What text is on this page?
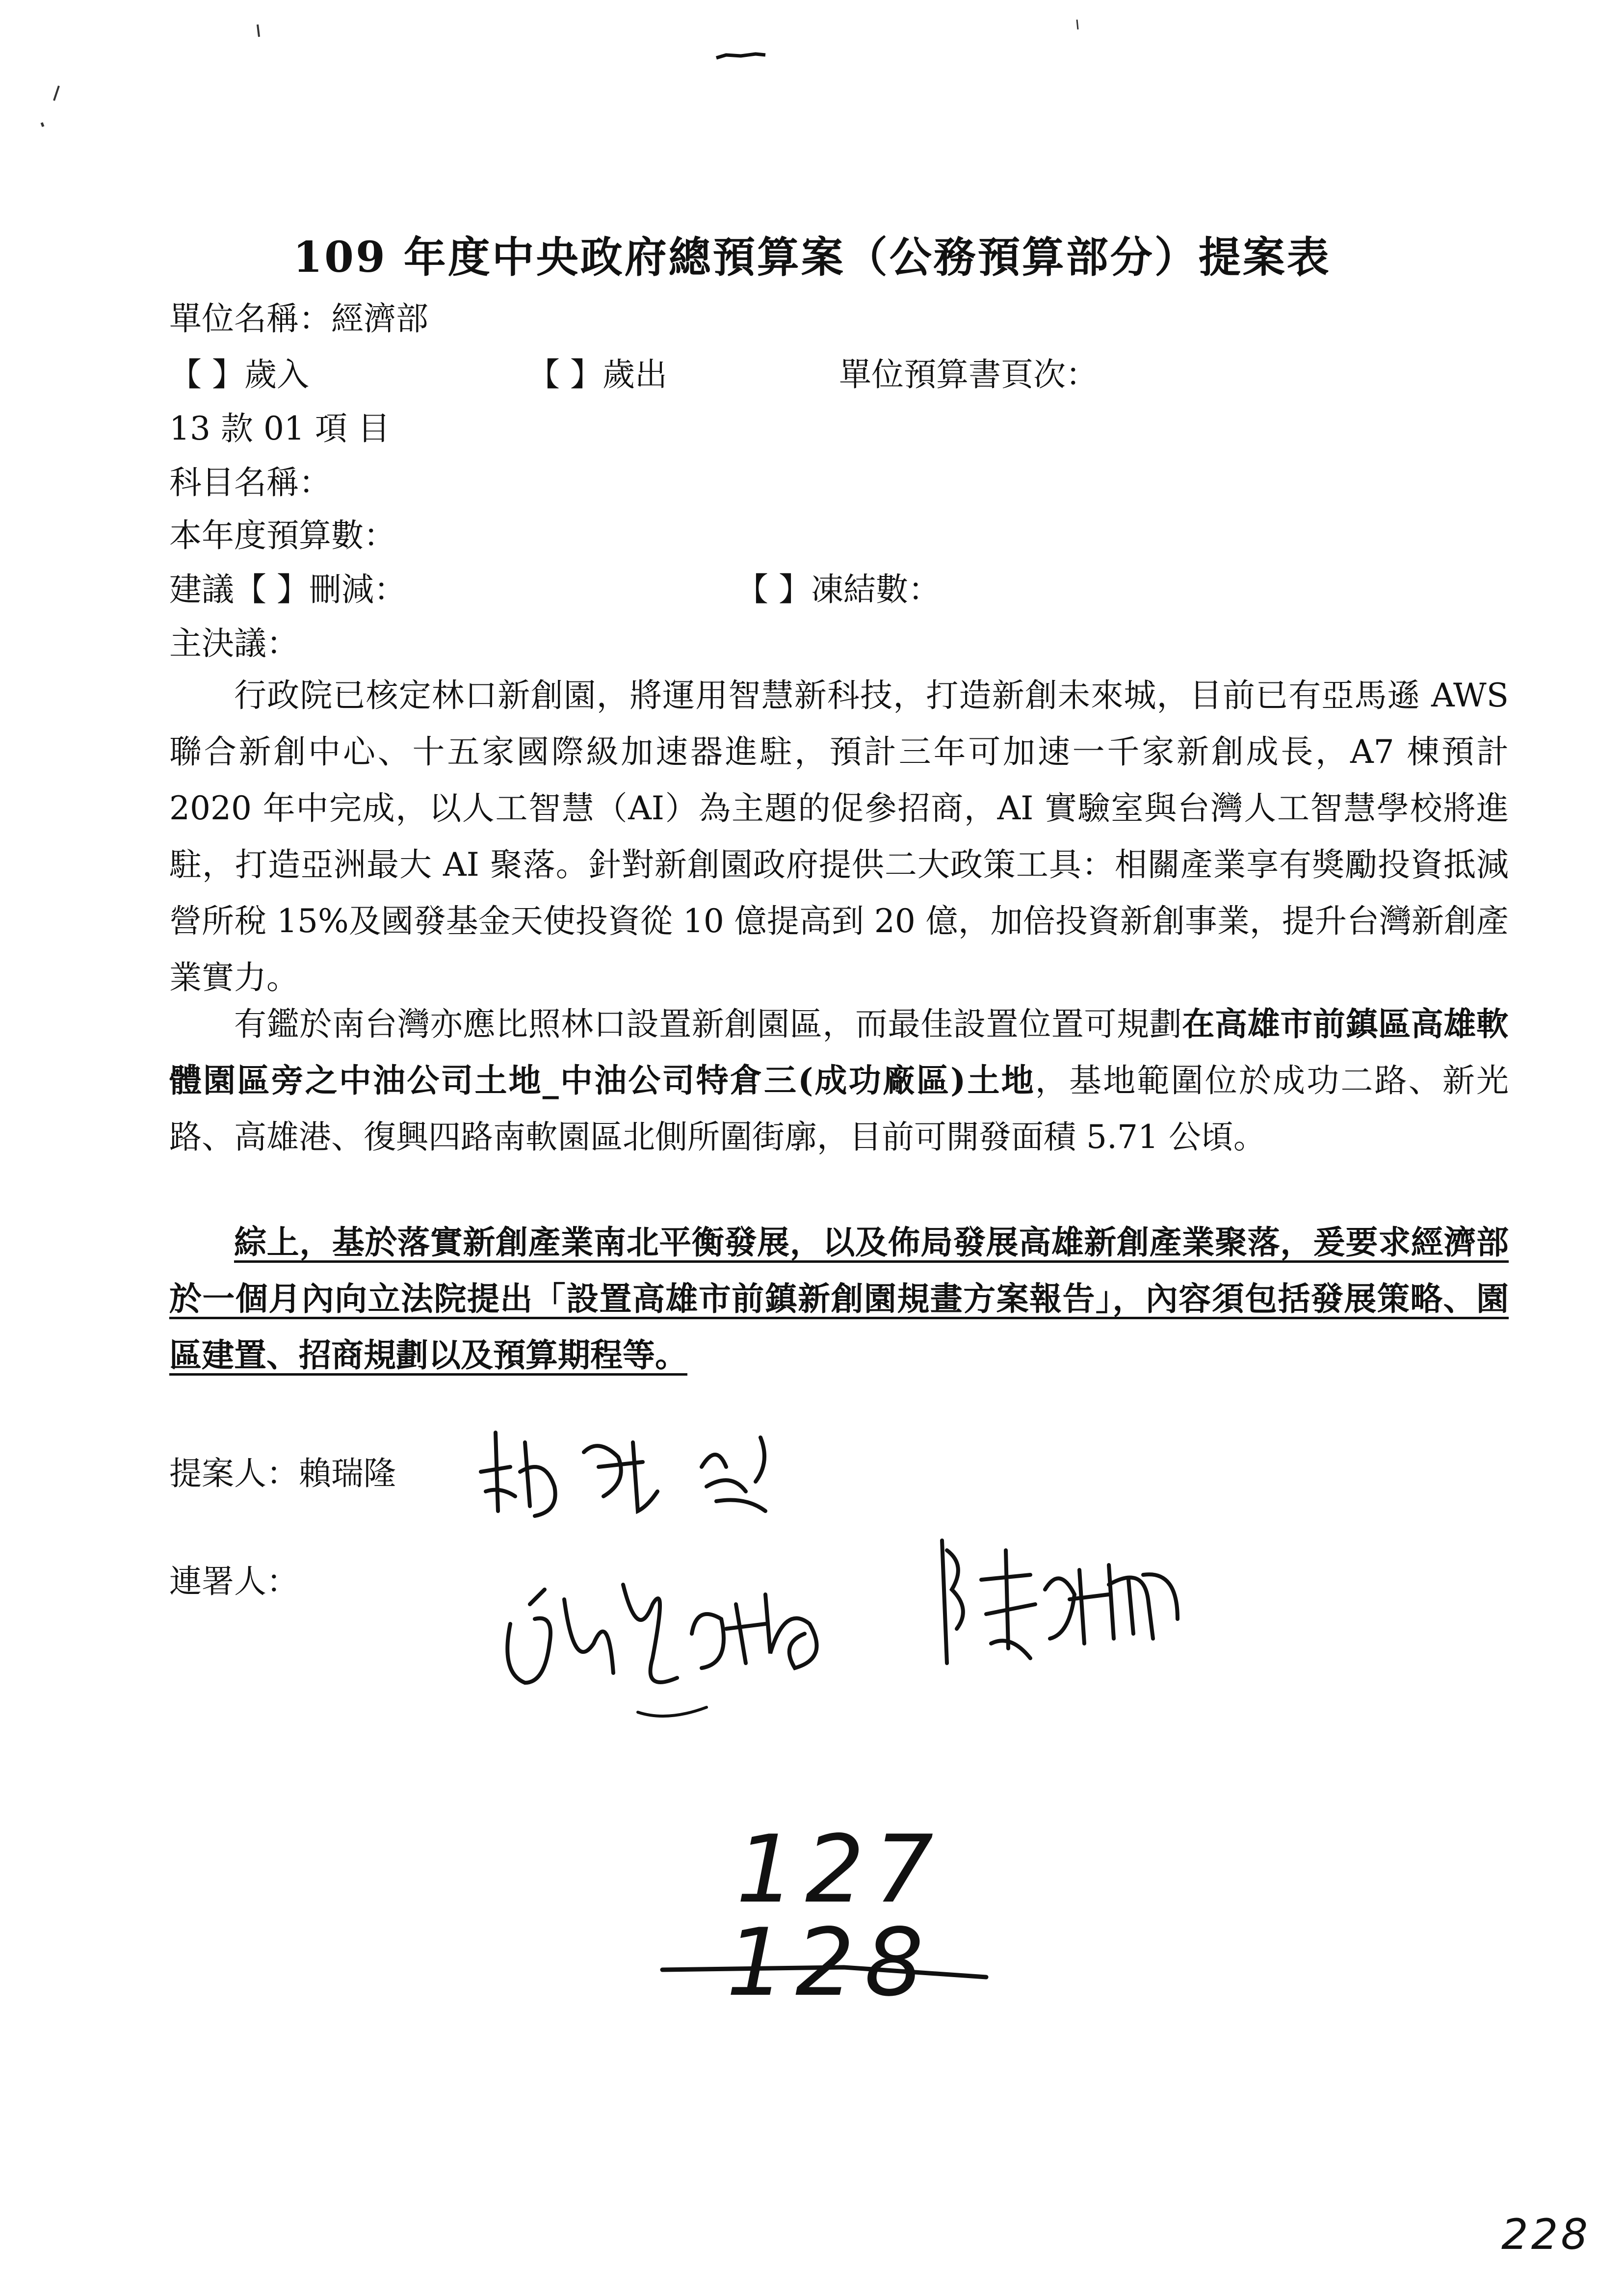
109 年度中央政府總預算案（公務預算部分）提案表
單位名稱：經濟部
【 】歲入	【 】歲出	單位預算書頁次：
13 款 01 項 目
科目名稱：
本年度預算數：
建議【 】刪減：	【 】凍結數：
主決議：
行政院已核定林口新創園，將運用智慧新科技，打造新創未來城，目前已有亞馬遜 AWS 聯合新創中心、十五家國際級加速器進駐，預計三年可加速一千家新創成長，A7 棟預計 2020 年中完成，以人工智慧（AI）為主題的促參招商，AI 實驗室與台灣人工智慧學校將進駐，打造亞洲最大 AI 聚落。針對新創園政府提供二大政策工具：相關產業享有獎勵投資抵減營所稅 15%及國發基金天使投資從 10 億提高到 20 億，加倍投資新創事業，提升台灣新創產業實力。
有鑑於南台灣亦應比照林口設置新創園區，而最佳設置位置可規劃在高雄市前鎮區高雄軟體園區旁之中油公司土地_中油公司特倉三(成功廠區)土地，基地範圍位於成功二路、新光路、高雄港、復興四路南軟園區北側所圍街廓，目前可開發面積 5.71 公頃。
綜上，基於落實新創產業南北平衡發展，以及佈局發展高雄新創產業聚落，爰要求經濟部於一個月內向立法院提出「設置高雄市前鎮新創園規畫方案報告」，內容須包括發展策略、園區建置、招商規劃以及預算期程等。
提案人：賴瑞隆
連署人：
127
128
228
